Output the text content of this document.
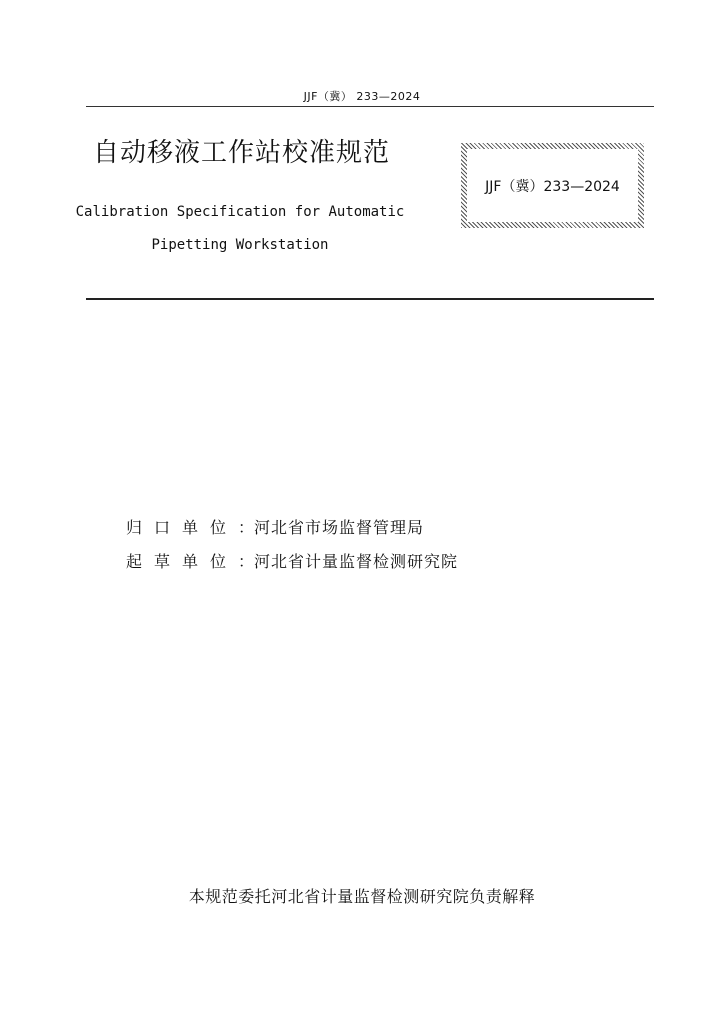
JJF（冀） 233—2024
自动移液工作站校准规范
Calibration Specification for Automatic
Pipetting Workstation
JJF（冀）233—2024
归口单位：
河北省市场监督管理局
起草单位：
河北省计量监督检测研究院
本规范委托河北省计量监督检测研究院负责解释
